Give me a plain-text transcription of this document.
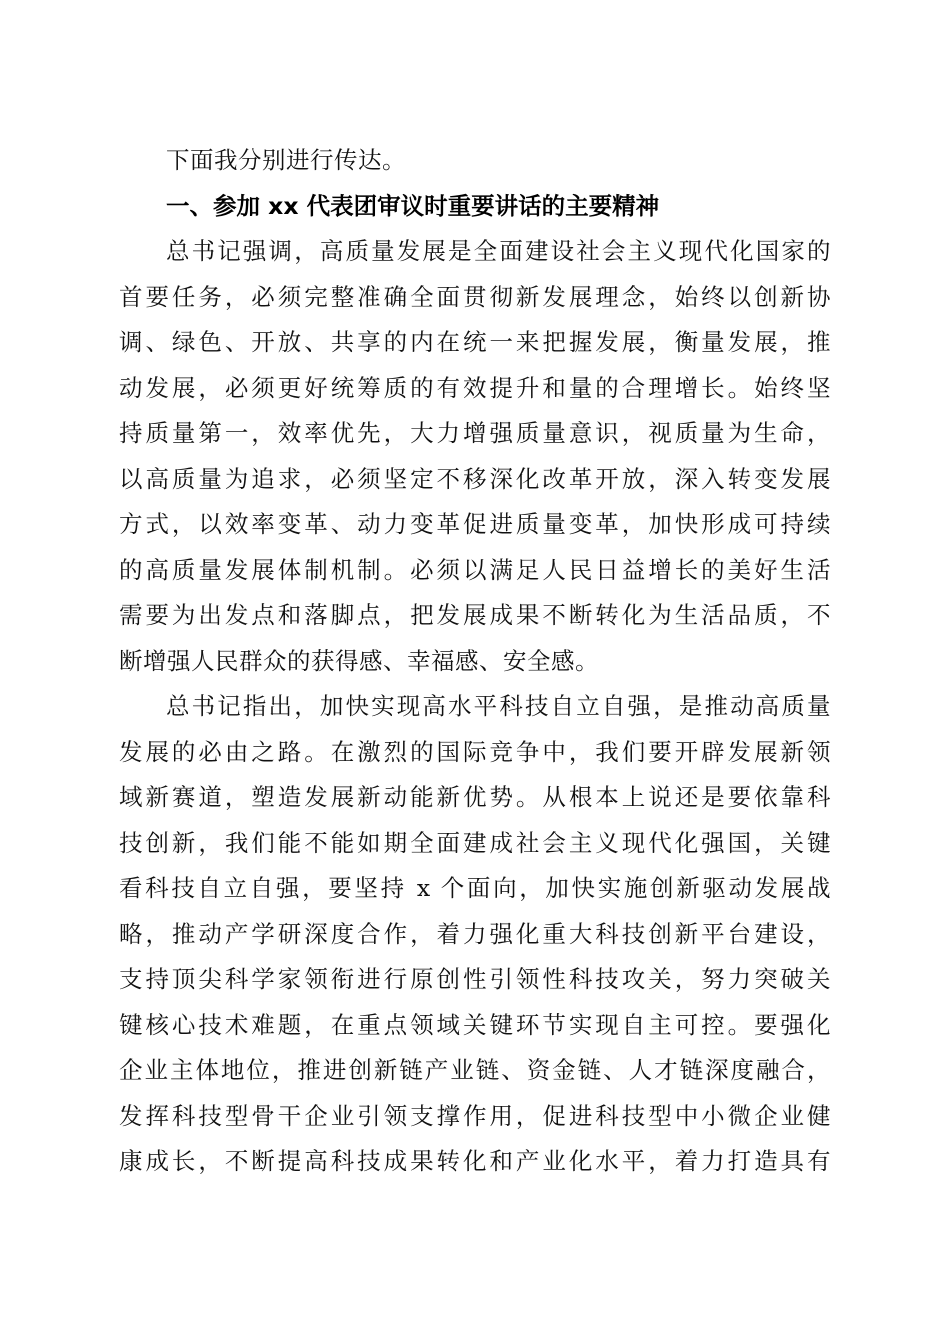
下面我分别进行传达。
一、参加 xx 代表团审议时重要讲话的主要精神
总书记强调，高质量发展是全面建设社会主义现代化国家的
首要任务，必须完整准确全面贯彻新发展理念，始终以创新协
调、绿色、开放、共享的内在统一来把握发展，衡量发展，推
动发展，必须更好统筹质的有效提升和量的合理增长。始终坚
持质量第一，效率优先，大力增强质量意识，视质量为生命，
以高质量为追求，必须坚定不移深化改革开放，深入转变发展
方式，以效率变革、动力变革促进质量变革，加快形成可持续
的高质量发展体制机制。必须以满足人民日益增长的美好生活
需要为出发点和落脚点，把发展成果不断转化为生活品质，不
断增强人民群众的获得感、幸福感、安全感。
总书记指出，加快实现高水平科技自立自强，是推动高质量
发展的必由之路。在激烈的国际竞争中，我们要开辟发展新领
域新赛道，塑造发展新动能新优势。从根本上说还是要依靠科
技创新，我们能不能如期全面建成社会主义现代化强国，关键
看科技自立自强，要坚持 x 个面向，加快实施创新驱动发展战
略，推动产学研深度合作，着力强化重大科技创新平台建设，
支持顶尖科学家领衔进行原创性引领性科技攻关，努力突破关
键核心技术难题，在重点领域关键环节实现自主可控。要强化
企业主体地位，推进创新链产业链、资金链、人才链深度融合，
发挥科技型骨干企业引领支撑作用，促进科技型中小微企业健
康成长，不断提高科技成果转化和产业化水平，着力打造具有
